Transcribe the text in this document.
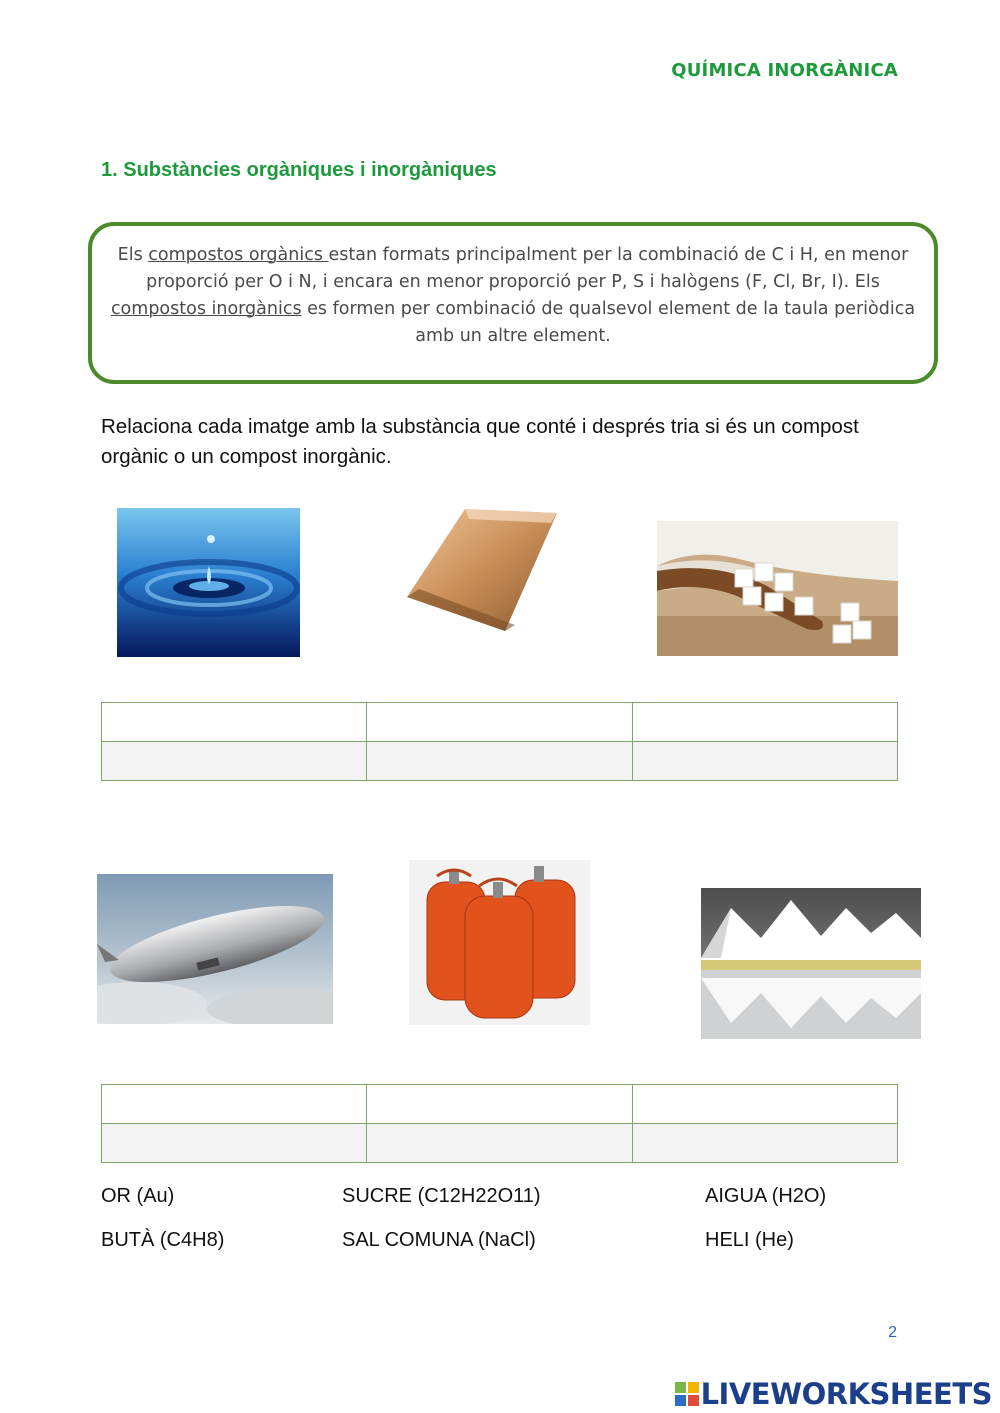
QUÍMICA INORGÀNICA
1. Substàncies orgàniques i inorgàniques
Els compostos orgànics estan formats principalment per la combinació de C i H, en menor proporció per O i N, i encara en menor proporció per P, S i halògens (F, Cl, Br, I). Els compostos inorgànics es formen per combinació de qualsevol element de la taula periòdica amb un altre element.
Relaciona cada imatge amb la substància que conté i després tria si és un compost orgànic o un compost inorgànic.

OR (Au)	SUCRE (C12H22O11)	AIGUA (H2O)
BUTÀ (C4H8)	SAL COMUNA (NaCl)	HELI (He)
2
LIVEWORKSHEETS
